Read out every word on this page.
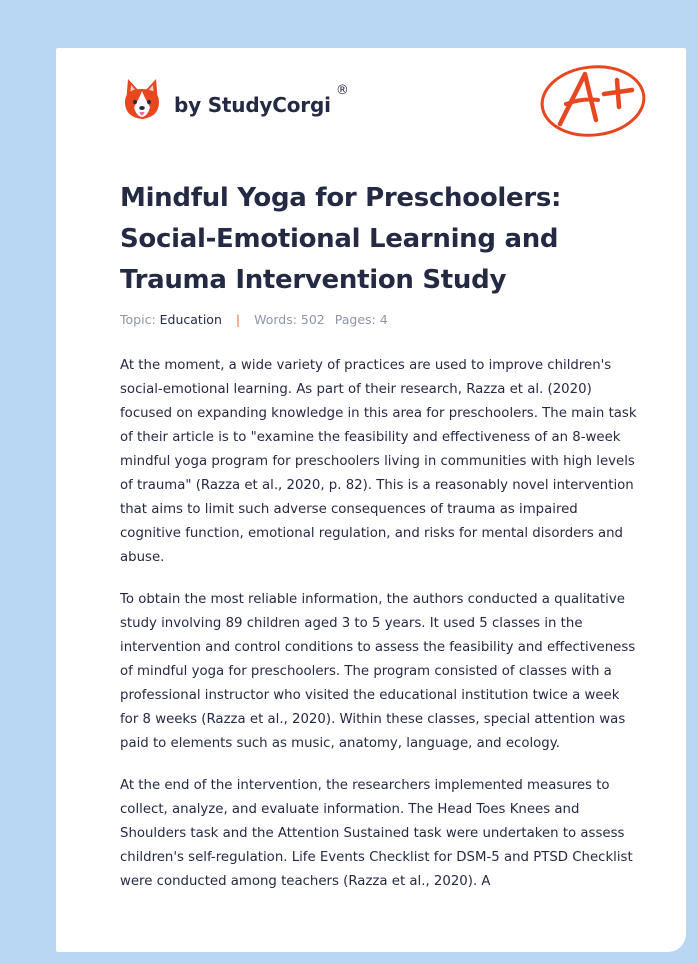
by StudyCorgi
®
Mindful Yoga for Preschoolers: Social-Emotional Learning and Trauma Intervention Study
Topic: Education | Words: 502 Pages: 4

At the moment, a wide variety of practices are used to improve children's social-emotional learning. As part of their research, Razza et al. (2020) focused on expanding knowledge in this area for preschoolers. The main task of their article is to "examine the feasibility and effectiveness of an 8-week mindful yoga program for preschoolers living in communities with high levels of trauma" (Razza et al., 2020, p. 82). This is a reasonably novel intervention that aims to limit such adverse consequences of trauma as impaired cognitive function, emotional regulation, and risks for mental disorders and abuse.

To obtain the most reliable information, the authors conducted a qualitative study involving 89 children aged 3 to 5 years. It used 5 classes in the intervention and control conditions to assess the feasibility and effectiveness of mindful yoga for preschoolers. The program consisted of classes with a professional instructor who visited the educational institution twice a week for 8 weeks (Razza et al., 2020). Within these classes, special attention was paid to elements such as music, anatomy, language, and ecology.

At the end of the intervention, the researchers implemented measures to collect, analyze, and evaluate information. The Head Toes Knees and Shoulders task and the Attention Sustained task were undertaken to assess children's self-regulation. Life Events Checklist for DSM-5 and PTSD Checklist were conducted among teachers (Razza et al., 2020). A
